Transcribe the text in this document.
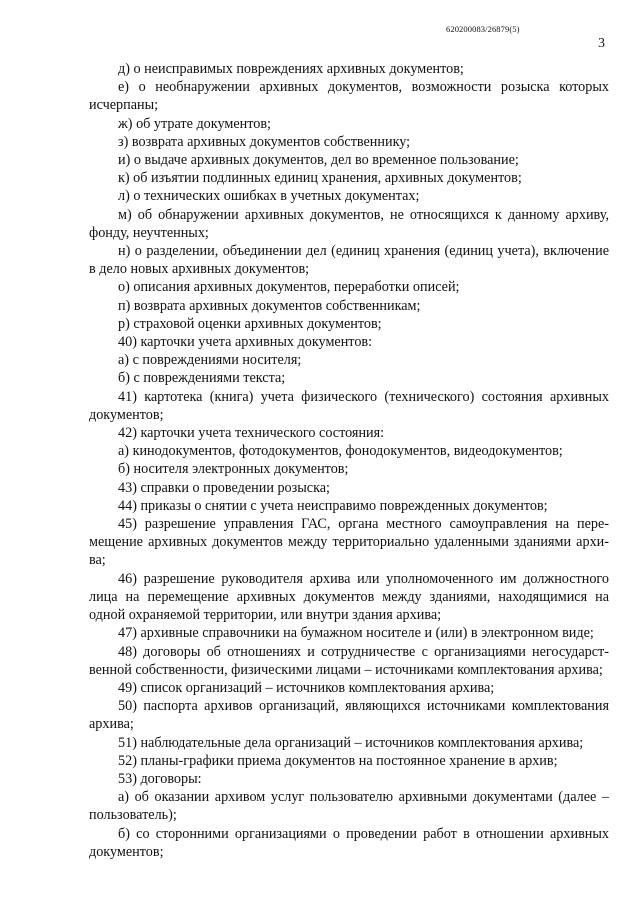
620200083/26879(5)
3

д) о неисправимых повреждениях архивных документов;

е) о необнаружении архивных документов, возможности розыска которых исчерпаны;

ж) об утрате документов;

з) возврата архивных документов собственнику;

и) о выдаче архивных документов, дел во временное пользование;

к) об изъятии подлинных единиц хранения, архивных документов;

л) о технических ошибках в учетных документах;

м) об обнаружении архивных документов, не относящихся к данному архиву, фонду, неучтенных;

н) о разделении, объединении дел (единиц хранения (единиц учета), включение в дело новых архивных документов;

о) описания архивных документов, переработки описей;

п) возврата архивных документов собственникам;

р) страховой оценки архивных документов;

40) карточки учета архивных документов:

а) с повреждениями носителя;

б) с повреждениями текста;

41) картотека (книга) учета физического (технического) состояния архивных документов;

42) карточки учета технического состояния:

а) кинодокументов, фотодокументов, фонодокументов, видеодокументов;

б) носителя электронных документов;

43) справки о проведении розыска;

44) приказы о снятии с учета неисправимо поврежденных документов;

45) разрешение управления ГАС, органа местного самоуправления на перемещение архивных документов между территориально удаленными зданиями архива;

46) разрешение руководителя архива или уполномоченного им должностного лица на перемещение архивных документов между зданиями, находящимися на одной охраняемой территории, или внутри здания архива;

47) архивные справочники на бумажном носителе и (или) в электронном виде;

48) договоры об отношениях и сотрудничестве с организациями негосударственной собственности, физическими лицами – источниками комплектования архива;

49) список организаций – источников комплектования архива;

50) паспорта архивов организаций, являющихся источниками комплектования архива;

51) наблюдательные дела организаций – источников комплектования архива;

52) планы-графики приема документов на постоянное хранение в архив;

53) договоры:

а) об оказании архивом услуг пользователю архивными документами (далее – пользователь);

б) со сторонними организациями о проведении работ в отношении архивных документов;
